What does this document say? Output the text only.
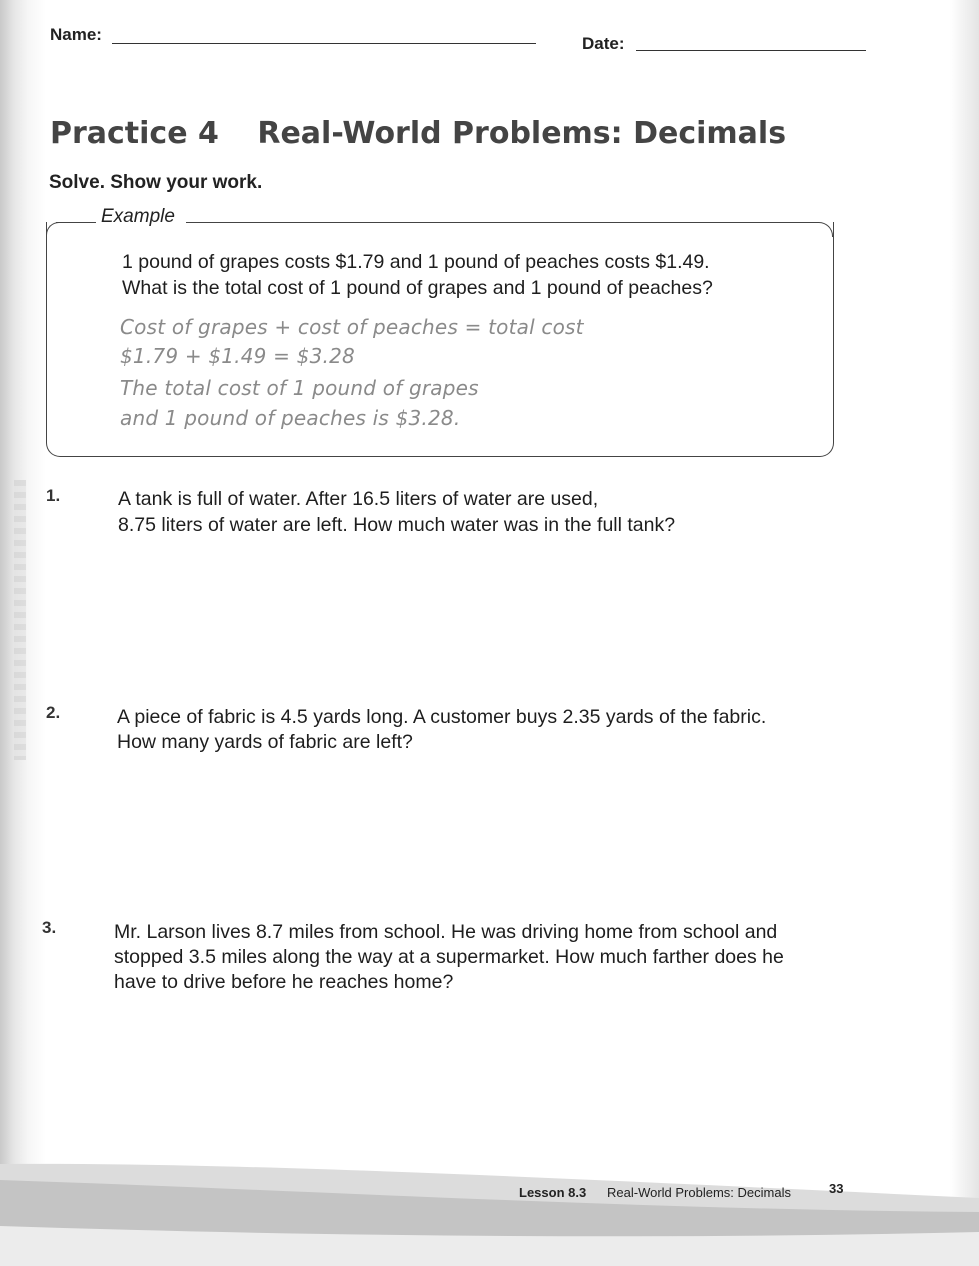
Name:	Date:
Practice 4 Real-World Problems: Decimals
Solve. Show your work.
Example
1 pound of grapes costs $1.79 and 1 pound of peaches costs $1.49.
What is the total cost of 1 pound of grapes and 1 pound of peaches?
Cost of grapes + cost of peaches = total cost
$1.79 + $1.49 = $3.28
The total cost of 1 pound of grapes
and 1 pound of peaches is $3.28.
1.	A tank is full of water. After 16.5 liters of water are used,
8.75 liters of water are left. How much water was in the full tank?
2.	A piece of fabric is 4.5 yards long. A customer buys 2.35 yards of the fabric.
How many yards of fabric are left?
3.	Mr. Larson lives 8.7 miles from school. He was driving home from school and
stopped 3.5 miles along the way at a supermarket. How much farther does he
have to drive before he reaches home?
Lesson 8.3 Real-World Problems: Decimals	33
